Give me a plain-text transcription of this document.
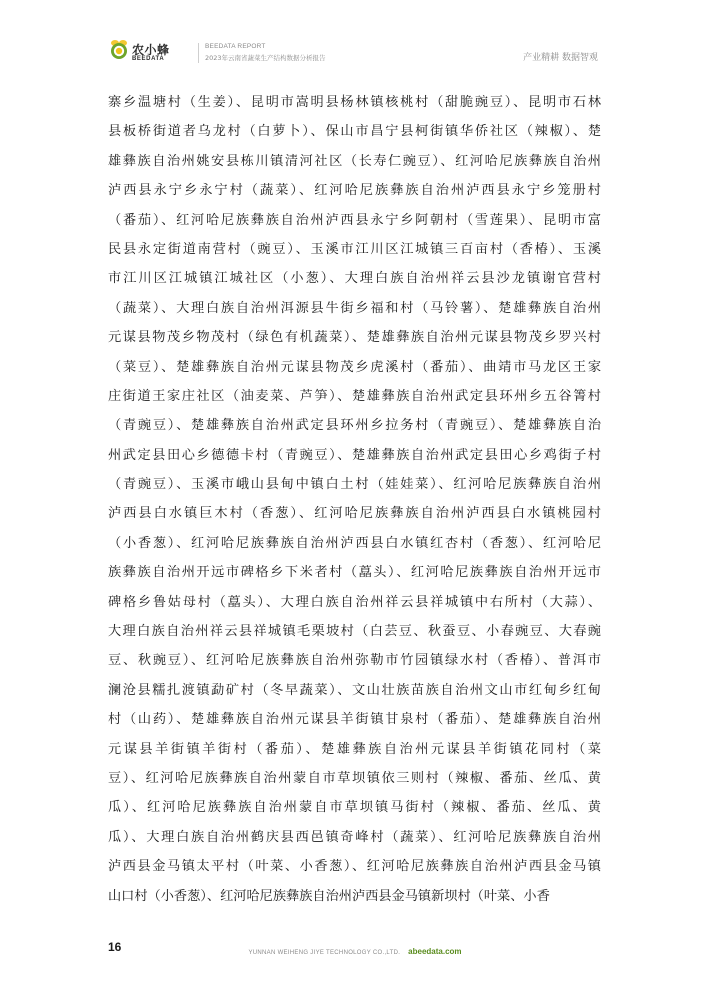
农小蜂
BEEDATA
BEEDATA REPORT
2023年云南省蔬菜生产结构数据分析报告	产业精耕 数据智观
寨乡温塘村（生姜）、昆明市嵩明县杨林镇核桃村（甜脆豌豆）、昆明市石林
县板桥街道者乌龙村（白萝卜）、保山市昌宁县柯街镇华侨社区（辣椒）、楚
雄彝族自治州姚安县栋川镇清河社区（长寿仁豌豆）、红河哈尼族彝族自治州
泸西县永宁乡永宁村（蔬菜）、红河哈尼族彝族自治州泸西县永宁乡笼册村
（番茄）、红河哈尼族彝族自治州泸西县永宁乡阿朝村（雪莲果）、昆明市富
民县永定街道南营村（豌豆）、玉溪市江川区江城镇三百亩村（香椿）、玉溪
市江川区江城镇江城社区（小葱）、大理白族自治州祥云县沙龙镇谢官营村
（蔬菜）、大理白族自治州洱源县牛街乡福和村（马铃薯）、楚雄彝族自治州
元谋县物茂乡物茂村（绿色有机蔬菜）、楚雄彝族自治州元谋县物茂乡罗兴村
（菜豆）、楚雄彝族自治州元谋县物茂乡虎溪村（番茄）、曲靖市马龙区王家
庄街道王家庄社区（油麦菜、芦笋）、楚雄彝族自治州武定县环州乡五谷箐村
（青豌豆）、楚雄彝族自治州武定县环州乡拉务村（青豌豆）、楚雄彝族自治
州武定县田心乡德德卡村（青豌豆）、楚雄彝族自治州武定县田心乡鸡街子村
（青豌豆）、玉溪市峨山县甸中镇白土村（娃娃菜）、红河哈尼族彝族自治州
泸西县白水镇巨木村（香葱）、红河哈尼族彝族自治州泸西县白水镇桃园村
（小香葱）、红河哈尼族彝族自治州泸西县白水镇红杏村（香葱）、红河哈尼
族彝族自治州开远市碑格乡下米者村（藠头）、红河哈尼族彝族自治州开远市
碑格乡鲁姑母村（藠头）、大理白族自治州祥云县祥城镇中右所村（大蒜）、
大理白族自治州祥云县祥城镇毛栗坡村（白芸豆、秋蚕豆、小春豌豆、大春豌
豆、秋豌豆）、红河哈尼族彝族自治州弥勒市竹园镇绿水村（香椿）、普洱市
澜沧县糯扎渡镇勐矿村（冬早蔬菜）、文山壮族苗族自治州文山市红甸乡红甸
村（山药）、楚雄彝族自治州元谋县羊街镇甘泉村（番茄）、楚雄彝族自治州
元谋县羊街镇羊街村（番茄）、楚雄彝族自治州元谋县羊街镇花同村（菜
豆）、红河哈尼族彝族自治州蒙自市草坝镇依三则村（辣椒、番茄、丝瓜、黄
瓜）、红河哈尼族彝族自治州蒙自市草坝镇马街村（辣椒、番茄、丝瓜、黄
瓜）、大理白族自治州鹤庆县西邑镇奇峰村（蔬菜）、红河哈尼族彝族自治州
泸西县金马镇太平村（叶菜、小香葱）、红河哈尼族彝族自治州泸西县金马镇
山口村（小香葱）、红河哈尼族彝族自治州泸西县金马镇新坝村（叶菜、小香
16	YUNNAN WEIHENG JIYE TECHNOLOGY CO.,LTD. abeedata.com
